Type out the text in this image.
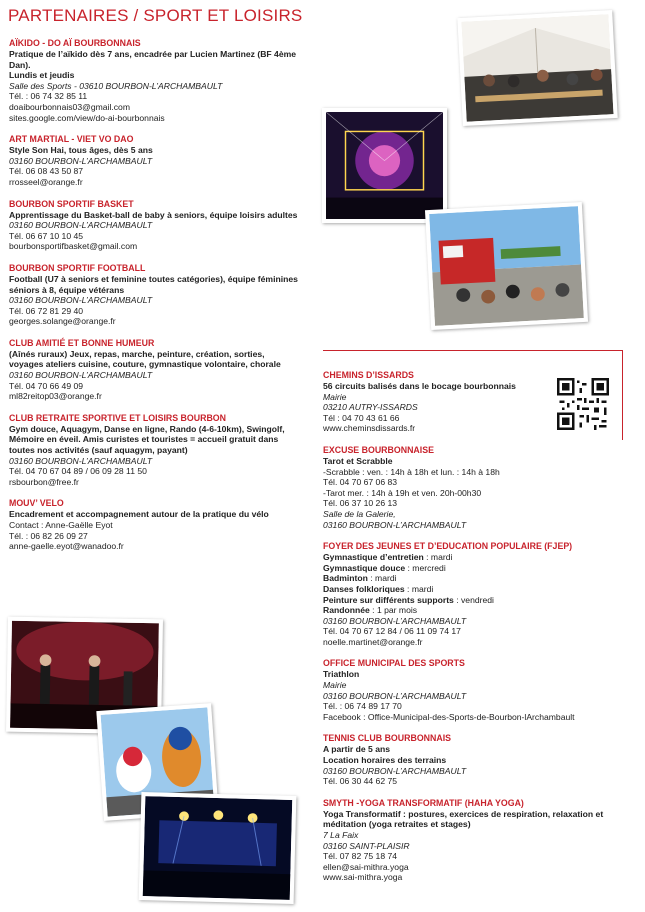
PARTENAIRES / SPORT ET LOISIRS
AÏKIDO - DO AÏ BOURBONNAIS
Pratique de l’aïkido dès 7 ans, encadrée par Lucien Martinez (BF 4ème Dan).
Lundis et jeudis
Salle des Sports - 03610 BOURBON-L’ARCHAMBAULT
Tél. : 06 74 32 85 11
doaibourbonnais03@gmail.com
sites.google.com/view/do-ai-bourbonnais
ART MARTIAL - VIET VO DAO
Style Son Hai, tous âges, dès 5 ans
03160 BOURBON-L’ARCHAMBAULT
Tél. 06 08 43 50 87
rrosseel@orange.fr
BOURBON SPORTIF BASKET
Apprentissage du Basket-ball de baby à seniors, équipe loisirs adultes
03160 BOURBON-L’ARCHAMBAULT
Tél. 06 67 10 10 45
bourbonsportifbasket@gmail.com
BOURBON SPORTIF FOOTBALL
Football (U7 à seniors et feminine toutes catégories), équipe féminines séniors à 8, équipe vétérans
03160 BOURBON-L’ARCHAMBAULT
Tél. 06 72 81 29 40
georges.solange@orange.fr
CLUB AMITIÉ ET BONNE HUMEUR
(Aînés ruraux) Jeux, repas, marche, peinture, création, sorties, voyages ateliers cuisine, couture, gymnastique volontaire, chorale
03160 BOURBON-L’ARCHAMBAULT
Tél. 04 70 66 49 09
ml82reitop03@orange.fr
CLUB RETRAITE SPORTIVE ET LOISIRS BOURBON
Gym douce, Aquagym, Danse en ligne, Rando (4-6-10km), Swingolf, Mémoire en éveil. Amis curistes et touristes = accueil gratuit dans toutes nos activités (sauf aquagym, payant)
03160 BOURBON-L’ARCHAMBAULT
Tél. 04 70 67 04 89 / 06 09 28 11 50
rsbourbon@free.fr
MOUV’ VELO
Encadrement et accompagnement autour de la pratique du vélo
Contact : Anne-Gaëlle Eyot
Tél. : 06 82 26 09 27
anne-gaelle.eyot@wanadoo.fr
CHEMINS D’ISSARDS
56 circuits balisés dans le bocage bourbonnais
Mairie
03210 AUTRY-ISSARDS
Tél : 04 70 43 61 66
www.cheminsdissards.fr
EXCUSE BOURBONNAISE
Tarot et Scrabble
-Scrabble : ven. : 14h à 18h et lun. : 14h à 18h
Tél. 04 70 67 06 83
-Tarot mer. : 14h à 19h et ven. 20h-00h30
Tél. 06 37 10 26 13
Salle de la Galerie,
03160 BOURBON-L’ARCHAMBAULT
FOYER DES JEUNES ET D’EDUCATION POPULAIRE (FJEP)
Gymnastique d’entretien : mardi
Gymnastique douce : mercredi
Badminton : mardi
Danses folkloriques : mardi
Peinture sur différents supports : vendredi
Randonnée : 1 par mois
03160 BOURBON-L’ARCHAMBAULT
Tél. 04 70 67 12 84 / 06 11 09 74 17
noelle.martinet@orange.fr
OFFICE MUNICIPAL DES SPORTS
Triathlon
Mairie
03160 BOURBON-L’ARCHAMBAULT
Tél. : 06 74 89 17 70
Facebook : Office-Municipal-des-Sports-de-Bourbon-lArchambault
TENNIS CLUB BOURBONNAIS
A partir de 5 ans
Location horaires des terrains
03160 BOURBON-L’ARCHAMBAULT
Tél. 06 30 44 62 75
SMYTH -YOGA TRANSFORMATIF (HAHA YOGA)
Yoga Transformatif : postures, exercices de respiration, relaxation et méditation (yoga retraites et stages)
7 La Faix
03160 SAINT-PLAISIR
Tél. 07 82 75 18 74
ellen@sai-mithra.yoga
www.sai-mithra.yoga
